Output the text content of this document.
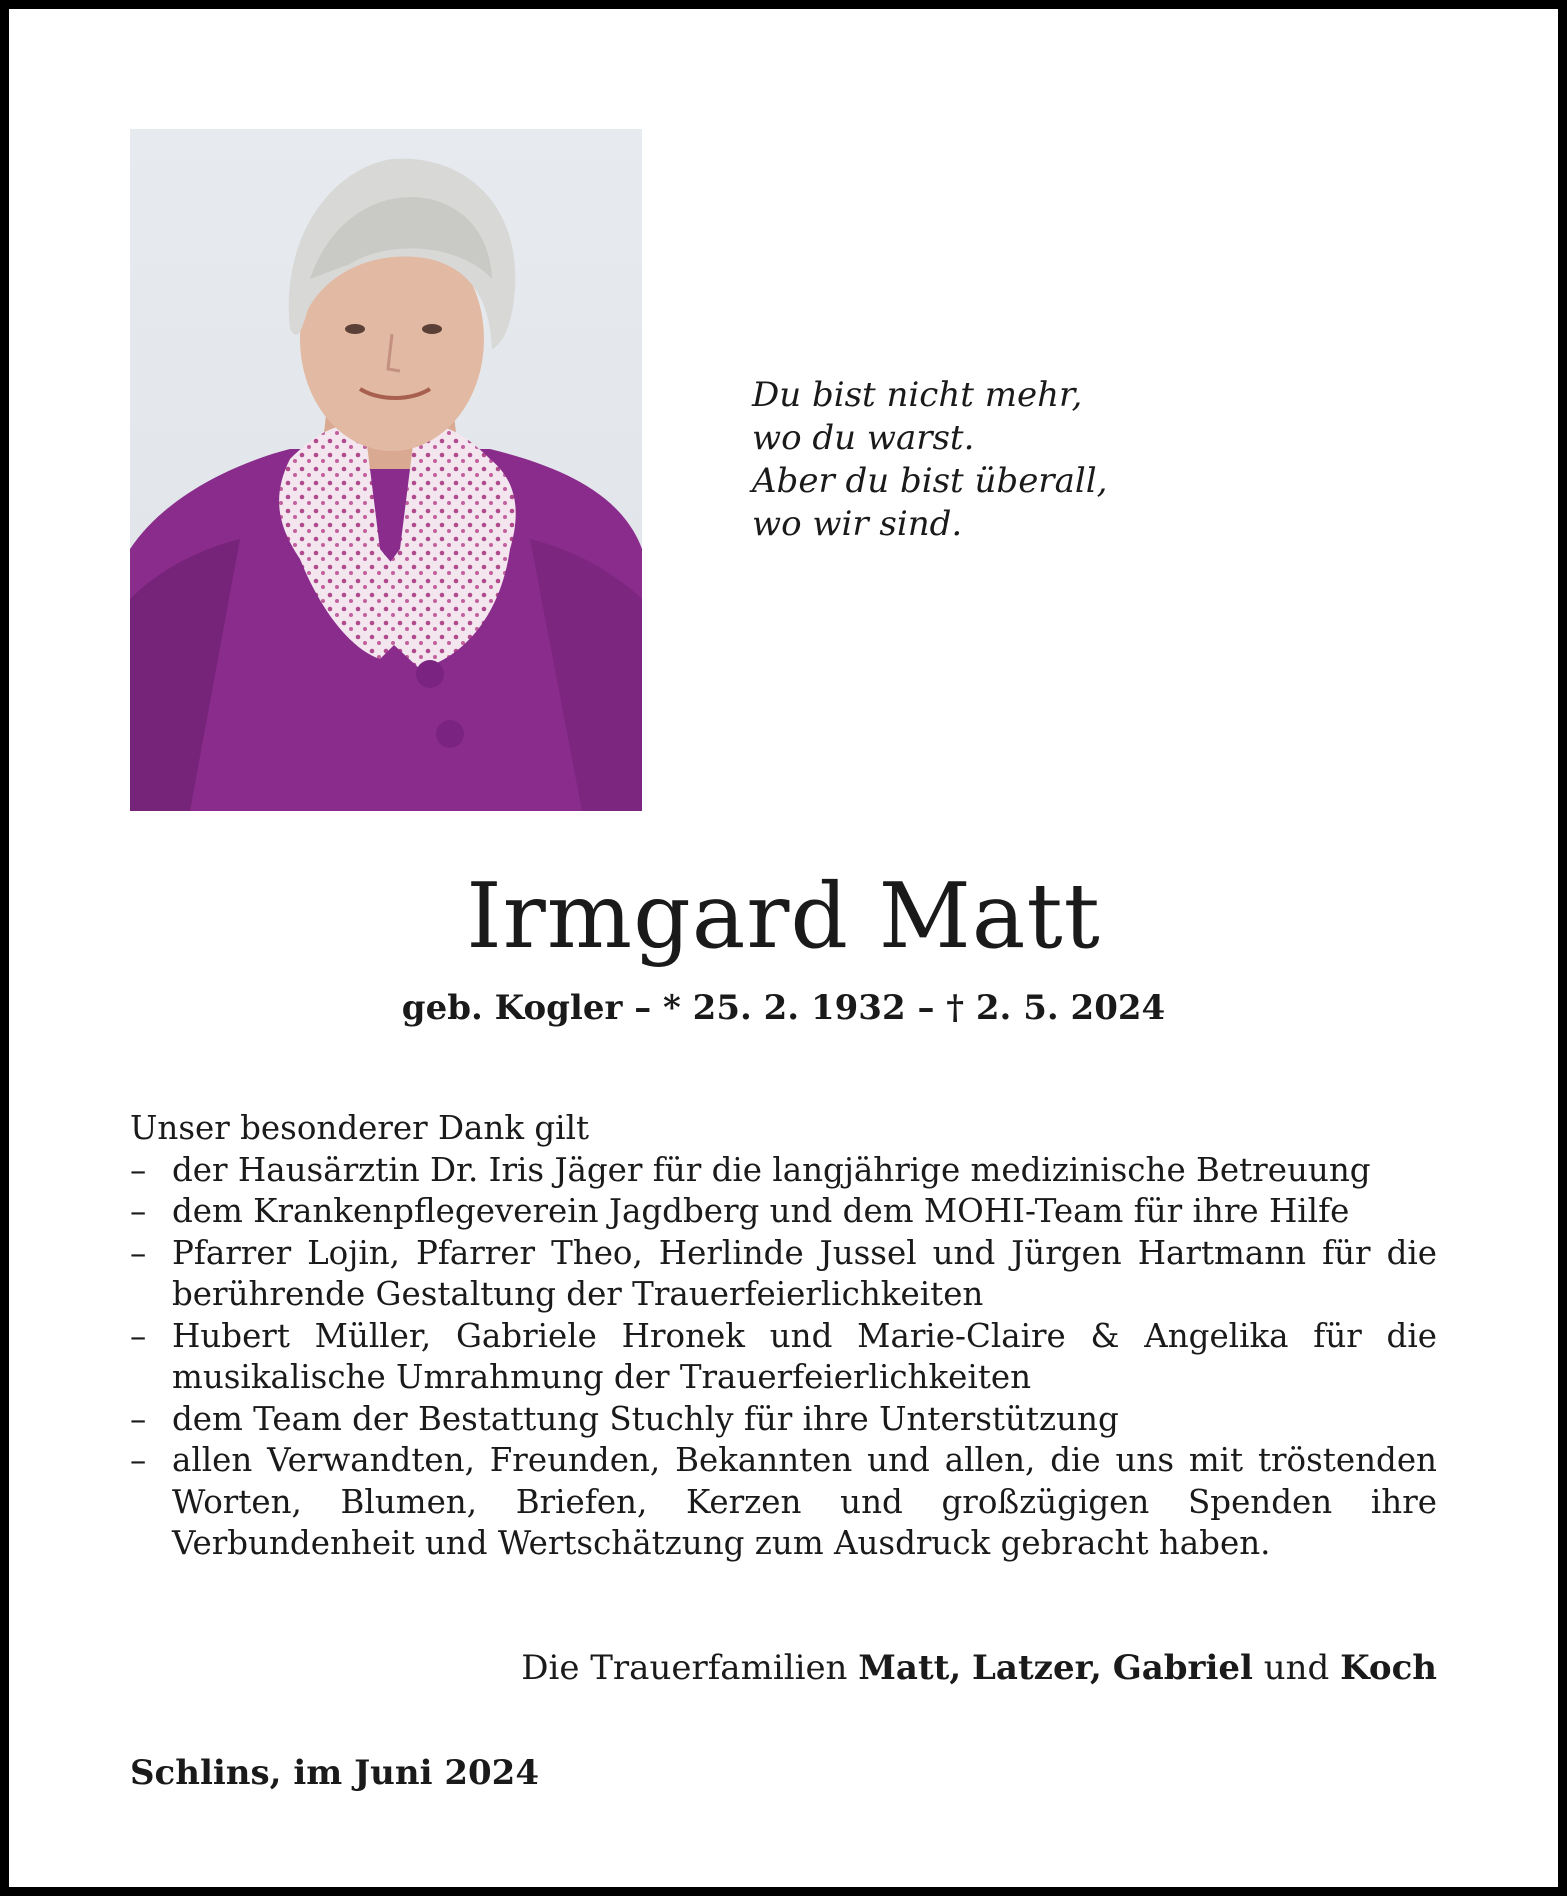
Du bist nicht mehr,
wo du warst.
Aber du bist überall,
wo wir sind.
Irmgard Matt
geb. Kogler – * 25. 2. 1932 – † 2. 5. 2024
Unser besonderer Dank gilt
– der Hausärztin Dr. Iris Jäger für die langjährige medizinische Betreuung
– dem Krankenpflegeverein Jagdberg und dem MOHI-Team für ihre Hilfe
– Pfarrer Lojin, Pfarrer Theo, Herlinde Jussel und Jürgen Hartmann für die berührende Gestaltung der Trauerfeierlichkeiten
– Hubert Müller, Gabriele Hronek und Marie-Claire & Angelika für die musikalische Umrahmung der Trauerfeierlichkeiten
– dem Team der Bestattung Stuchly für ihre Unterstützung
– allen Verwandten, Freunden, Bekannten und allen, die uns mit tröstenden Worten, Blumen, Briefen, Kerzen und großzügigen Spenden ihre Verbundenheit und Wertschätzung zum Ausdruck gebracht haben.
Die Trauerfamilien Matt, Latzer, Gabriel und Koch
Schlins, im Juni 2024
